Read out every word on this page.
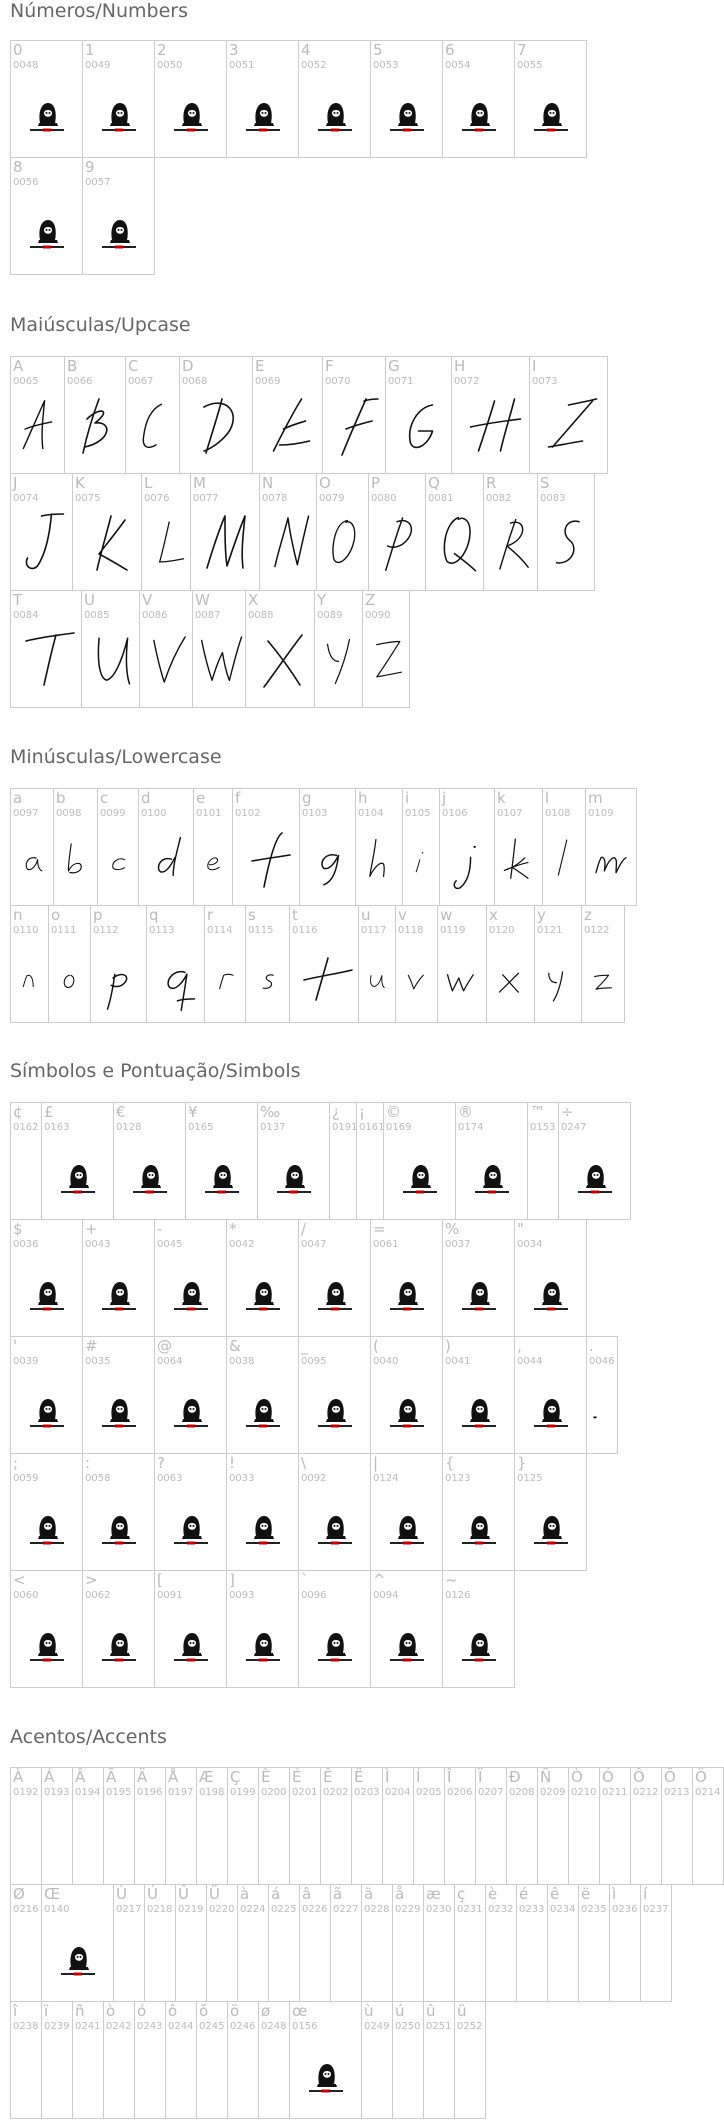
Números/Numbers
Maiúsculas/Upcase
Minúsculas/Lowercase
Símbolos e Pontuação/Simbols
Acentos/Accents
0
0048
1
0049
2
0050
3
0051
4
0052
5
0053
6
0054
7
0055
8
0056
9
0057
A
0065
B
0066
C
0067
D
0068
E
0069
F
0070
G
0071
H
0072
I
0073
J
0074
K
0075
L
0076
M
0077
N
0078
O
0079
P
0080
Q
0081
R
0082
S
0083
T
0084
U
0085
V
0086
W
0087
X
0088
Y
0089
Z
0090
a
0097
b
0098
c
0099
d
0100
e
0101
f
0102
g
0103
h
0104
i
0105
j
0106
k
0107
l
0108
m
0109
n
0110
o
0111
p
0112
q
0113
r
0114
s
0115
t
0116
u
0117
v
0118
w
0119
x
0120
y
0121
z
0122
¢
0162
£
0163
€
0128
¥
0165
‰
0137
¿
0191
¡
0161
©
0169
®
0174
™
0153
÷
0247
$
0036
+
0043
-
0045
*
0042
/
0047
=
0061
%
0037
"
0034
'
0039
#
0035
@
0064
&
0038
_
0095
(
0040
)
0041
,
0044
.
0046
;
0059
:
0058
?
0063
!
0033
\
0092
|
0124
{
0123
}
0125
<
0060
>
0062
[
0091
]
0093
`
0096
^
0094
~
0126
À
0192
Á
0193
Â
0194
Ã
0195
Ä
0196
Å
0197
Æ
0198
Ç
0199
È
0200
É
0201
Ê
0202
Ë
0203
Ì
0204
Í
0205
Î
0206
Ï
0207
Ð
0208
Ñ
0209
Ò
0210
Ó
0211
Ô
0212
Õ
0213
Ö
0214
Ø
0216
Œ
0140
Ù
0217
Ú
0218
Û
0219
Ü
0220
à
0224
á
0225
â
0226
ã
0227
ä
0228
å
0229
æ
0230
ç
0231
è
0232
é
0233
ê
0234
ë
0235
ì
0236
í
0237
î
0238
ï
0239
ñ
0241
ò
0242
ó
0243
ô
0244
õ
0245
ö
0246
ø
0248
œ
0156
ù
0249
ú
0250
û
0251
ü
0252
